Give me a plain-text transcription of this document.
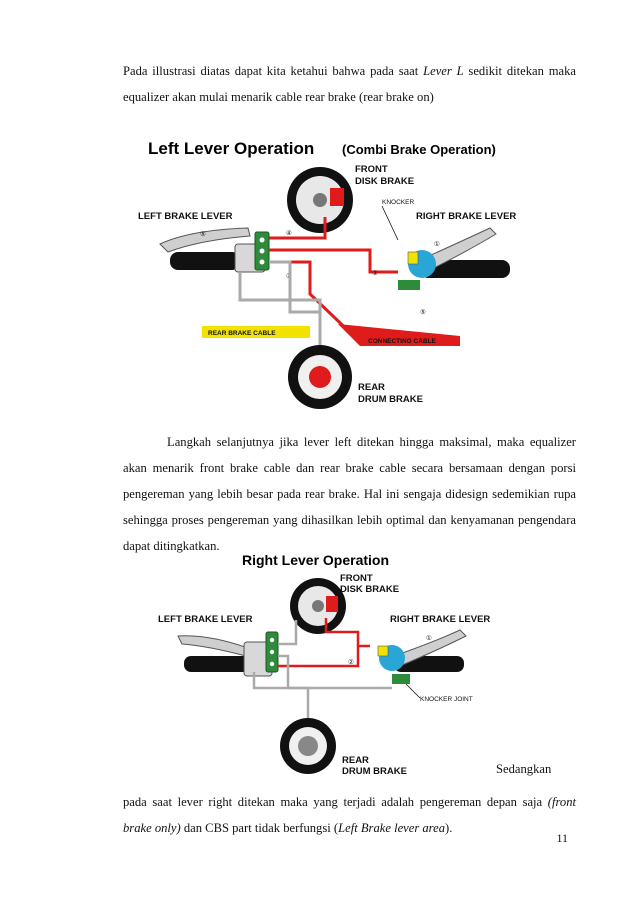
Pada illustrasi diatas dapat kita ketahui bahwa pada saat Lever L sedikit ditekan maka equalizer akan mulai menarik cable rear brake (rear brake on)

Left Lever Operation (Combi Brake Operation)
FRONT
DISK BRAKE
KNOCKER
LEFT BRAKE LEVER	RIGHT BRAKE LEVER
⑤	④
②	③
①
⑤
REAR BRAKE CABLE
CONNECTING CABLE
REAR
DRUM BRAKE

Langkah selanjutnya jika lever left ditekan hingga maksimal, maka equalizer akan menarik front brake cable dan rear brake cable secara bersamaan dengan porsi pengereman yang lebih besar pada rear brake. Hal ini sengaja didesign sedemikian rupa sehingga proses pengereman yang dihasilkan lebih optimal dan kenyamanan pengendara dapat ditingkatkan.

Right Lever Operation
FRONT
DISK BRAKE
LEFT BRAKE LEVER	RIGHT BRAKE LEVER
①
②
KNOCKER JOINT
REAR
DRUM BRAKE	Sedangkan

pada saat lever right ditekan maka yang terjadi adalah pengereman depan saja (front brake only) dan CBS part tidak berfungsi (Left Brake lever area).

11
